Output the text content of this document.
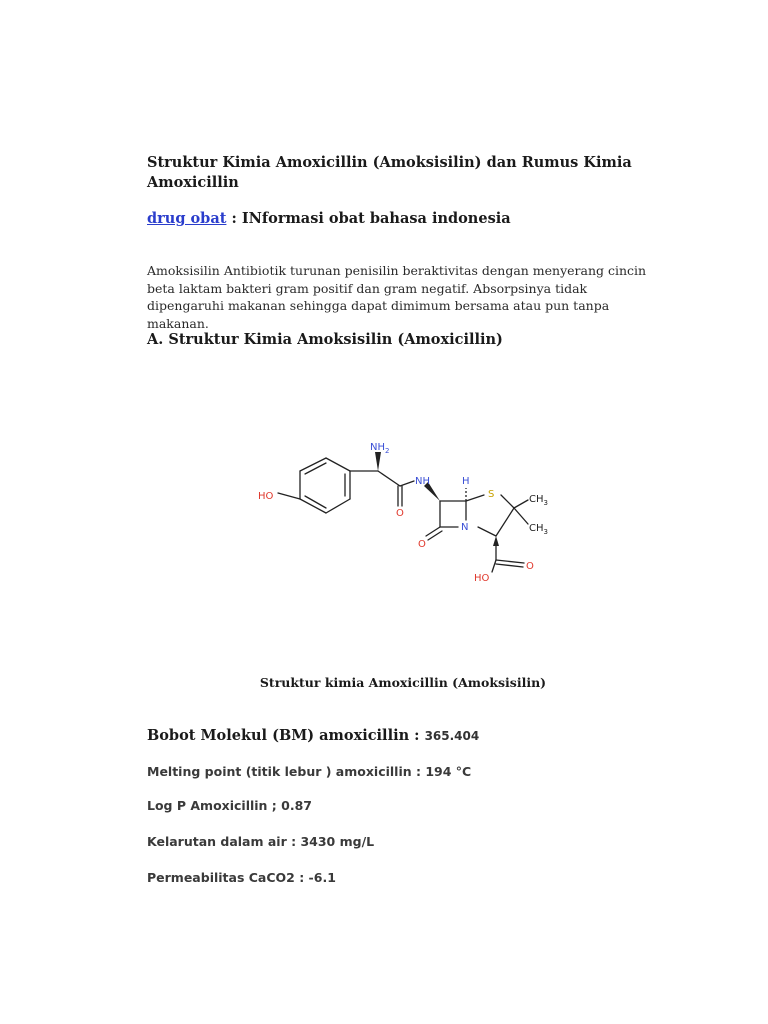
Struktur Kimia Amoxicillin (Amoksisilin) dan Rumus Kimia Amoxicillin
drug obat : INformasi obat bahasa indonesia
Amoksisilin Antibiotik turunan penisilin beraktivitas dengan menyerang cincin beta laktam bakteri gram positif dan gram negatif. Absorpsinya tidak dipengaruhi makanan sehingga dapat dimimum bersama atau pun tanpa makanan.
A. Struktur Kimia Amoksisilin (Amoxicillin)
$NH_2$
HO
NH	H
S	$CH_3$
$CH_3$
O
N
O
HO
O
Struktur kimia Amoxicillin (Amoksisilin)
Bobot Molekul (BM) amoxicillin : 365.404
Melting point (titik lebur ) amoxicillin : 194 °C
Log P Amoxicillin ; 0.87
Kelarutan dalam air : 3430 mg/L
Permeabilitas CaCO2 : -6.1
